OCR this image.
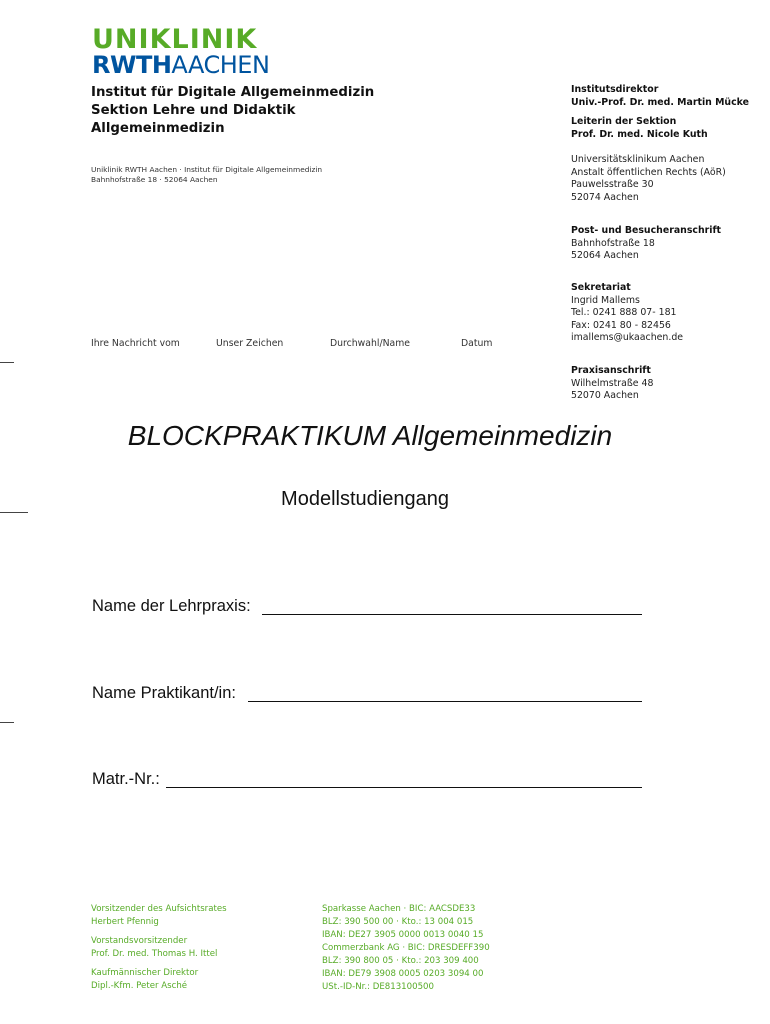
UNIKLINIK
RWTHAACHEN
Institut für Digitale Allgemeinmedizin
Sektion Lehre und Didaktik
Allgemeinmedizin
Uniklinik RWTH Aachen · Institut für Digitale Allgemeinmedizin
Bahnhofstraße 18 · 52064 Aachen
Institutsdirektor
Univ.-Prof. Dr. med. Martin Mücke
Leiterin der Sektion
Prof. Dr. med. Nicole Kuth
Universitätsklinikum Aachen
Anstalt öffentlichen Rechts (AöR)
Pauwelsstraße 30
52074 Aachen
Post- und Besucheranschrift
Bahnhofstraße 18
52064 Aachen
Sekretariat
Ingrid Mallems
Tel.: 0241 888 07- 181
Fax: 0241 80 - 82456
imallems@ukaachen.de
Praxisanschrift
Wilhelmstraße 48
52070 Aachen
Ihre Nachricht vom	Unser Zeichen	Durchwahl/Name	Datum
BLOCKPRAKTIKUM Allgemeinmedizin
Modellstudiengang
Name der Lehrpraxis:
Name Praktikant/in:
Matr.-Nr.:
Vorsitzender des Aufsichtsrates
Herbert Pfennig
Vorstandsvorsitzender
Prof. Dr. med. Thomas H. Ittel
Kaufmännischer Direktor
Dipl.-Kfm. Peter Asché
Sparkasse Aachen · BIC: AACSDE33
BLZ: 390 500 00 · Kto.: 13 004 015
IBAN: DE27 3905 0000 0013 0040 15
Commerzbank AG · BIC: DRESDEFF390
BLZ: 390 800 05 · Kto.: 203 309 400
IBAN: DE79 3908 0005 0203 3094 00
USt.-ID-Nr.: DE813100500
